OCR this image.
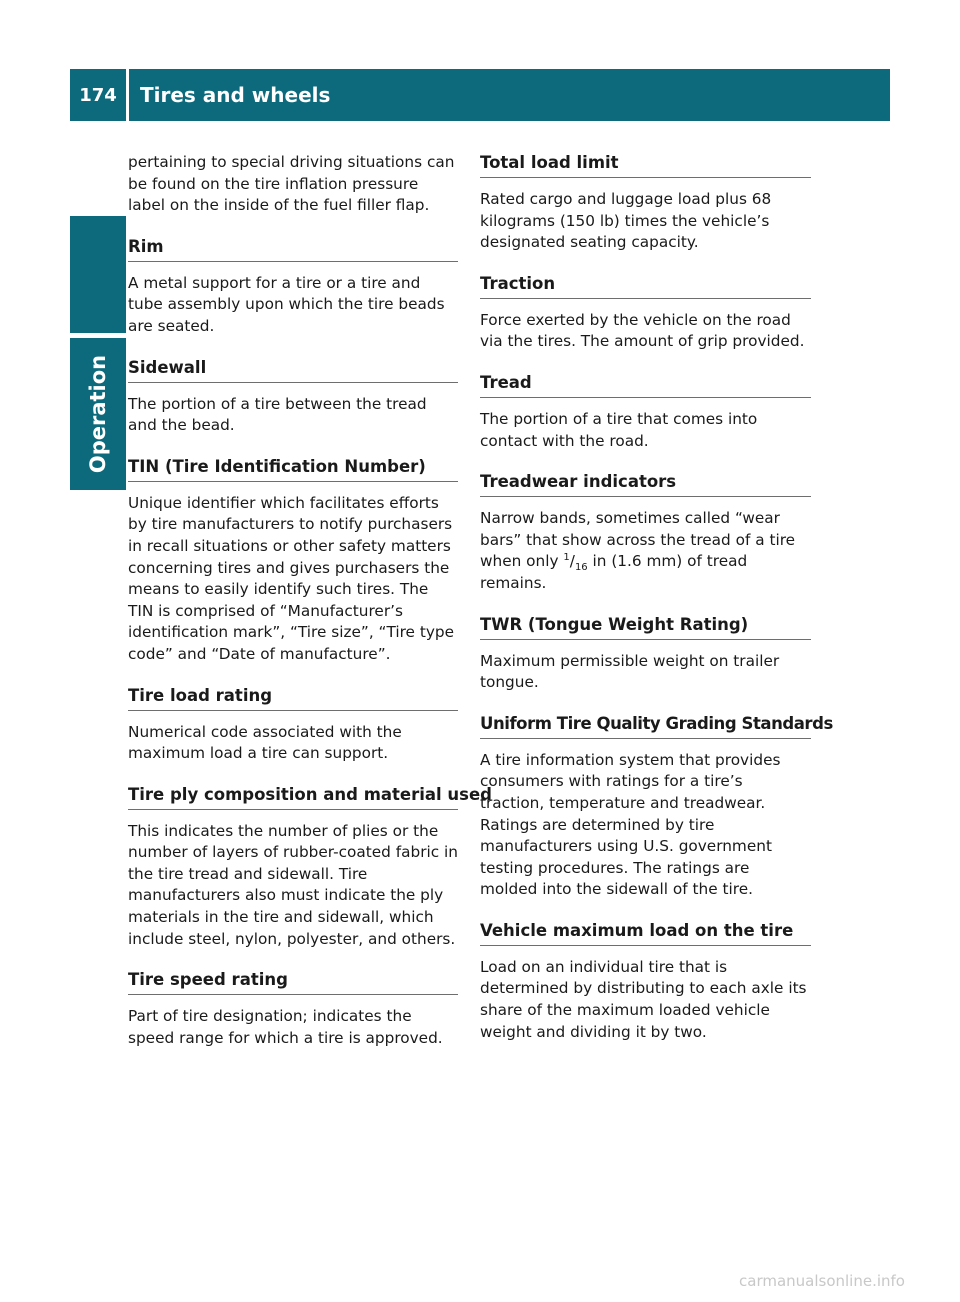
174	Tires and wheels
Operation

pertaining to special driving situations can be found on the tire inflation pressure label on the inside of the fuel filler flap.

Rim

A metal support for a tire or a tire and tube assembly upon which the tire beads are seated.

Sidewall

The portion of a tire between the tread and the bead.

TIN (Tire Identification Number)

Unique identifier which facilitates efforts by tire manufacturers to notify purchasers in recall situations or other safety matters concerning tires and gives purchasers the means to easily identify such tires. The TIN is comprised of “Manufacturer’s identification mark”, “Tire size”, “Tire type code” and “Date of manufacture”.

Tire load rating

Numerical code associated with the maximum load a tire can support.

Tire ply composition and material used

This indicates the number of plies or the number of layers of rubber-coated fabric in the tire tread and sidewall. Tire manufacturers also must indicate the ply materials in the tire and sidewall, which include steel, nylon, polyester, and others.

Tire speed rating

Part of tire designation; indicates the speed range for which a tire is approved.

Total load limit

Rated cargo and luggage load plus 68 kilograms (150 lb) times the vehicle’s designated seating capacity.

Traction

Force exerted by the vehicle on the road via the tires. The amount of grip provided.

Tread

The portion of a tire that comes into contact with the road.

Treadwear indicators

Narrow bands, sometimes called “wear bars” that show across the tread of a tire when only $^1/_{16}$ in (1.6 mm) of tread remains.

TWR (Tongue Weight Rating)

Maximum permissible weight on trailer tongue.

Uniform Tire Quality Grading Standards

A tire information system that provides consumers with ratings for a tire’s traction, temperature and treadwear. Ratings are determined by tire manufacturers using U.S. government testing procedures. The ratings are molded into the sidewall of the tire.

Vehicle maximum load on the tire

Load on an individual tire that is determined by distributing to each axle its share of the maximum loaded vehicle weight and dividing it by two.

carmanualsonline.info
